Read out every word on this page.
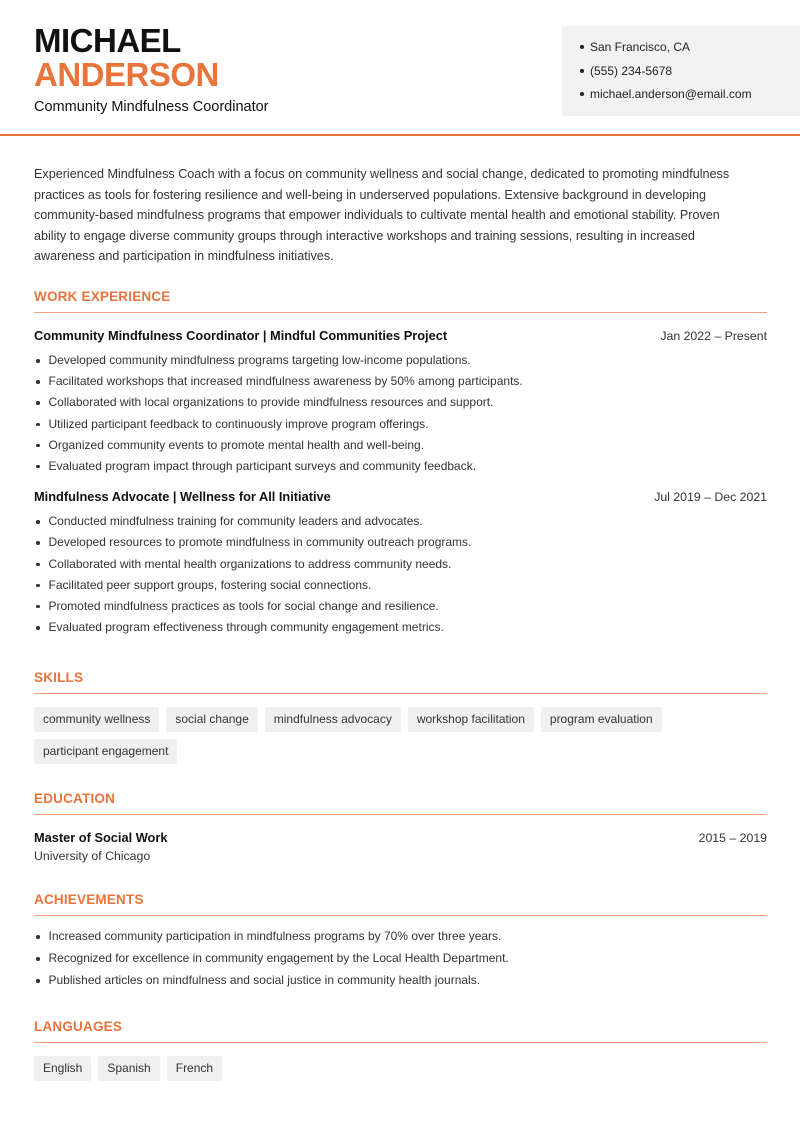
MICHAEL
ANDERSON
Community Mindfulness Coordinator
San Francisco, CA
(555) 234-5678
michael.anderson@email.com
Experienced Mindfulness Coach with a focus on community wellness and social change, dedicated to promoting mindfulness practices as tools for fostering resilience and well-being in underserved populations. Extensive background in developing community-based mindfulness programs that empower individuals to cultivate mental health and emotional stability. Proven ability to engage diverse community groups through interactive workshops and training sessions, resulting in increased awareness and participation in mindfulness initiatives.
WORK EXPERIENCE
Community Mindfulness Coordinator | Mindful Communities Project	Jan 2022 – Present
Developed community mindfulness programs targeting low-income populations.
Facilitated workshops that increased mindfulness awareness by 50% among participants.
Collaborated with local organizations to provide mindfulness resources and support.
Utilized participant feedback to continuously improve program offerings.
Organized community events to promote mental health and well-being.
Evaluated program impact through participant surveys and community feedback.
Mindfulness Advocate | Wellness for All Initiative	Jul 2019 – Dec 2021
Conducted mindfulness training for community leaders and advocates.
Developed resources to promote mindfulness in community outreach programs.
Collaborated with mental health organizations to address community needs.
Facilitated peer support groups, fostering social connections.
Promoted mindfulness practices as tools for social change and resilience.
Evaluated program effectiveness through community engagement metrics.
SKILLS
community wellness	social change	mindfulness advocacy	workshop facilitation	program evaluation
participant engagement
EDUCATION
Master of Social Work	2015 – 2019
University of Chicago
ACHIEVEMENTS
Increased community participation in mindfulness programs by 70% over three years.
Recognized for excellence in community engagement by the Local Health Department.
Published articles on mindfulness and social justice in community health journals.
LANGUAGES
English	Spanish	French
